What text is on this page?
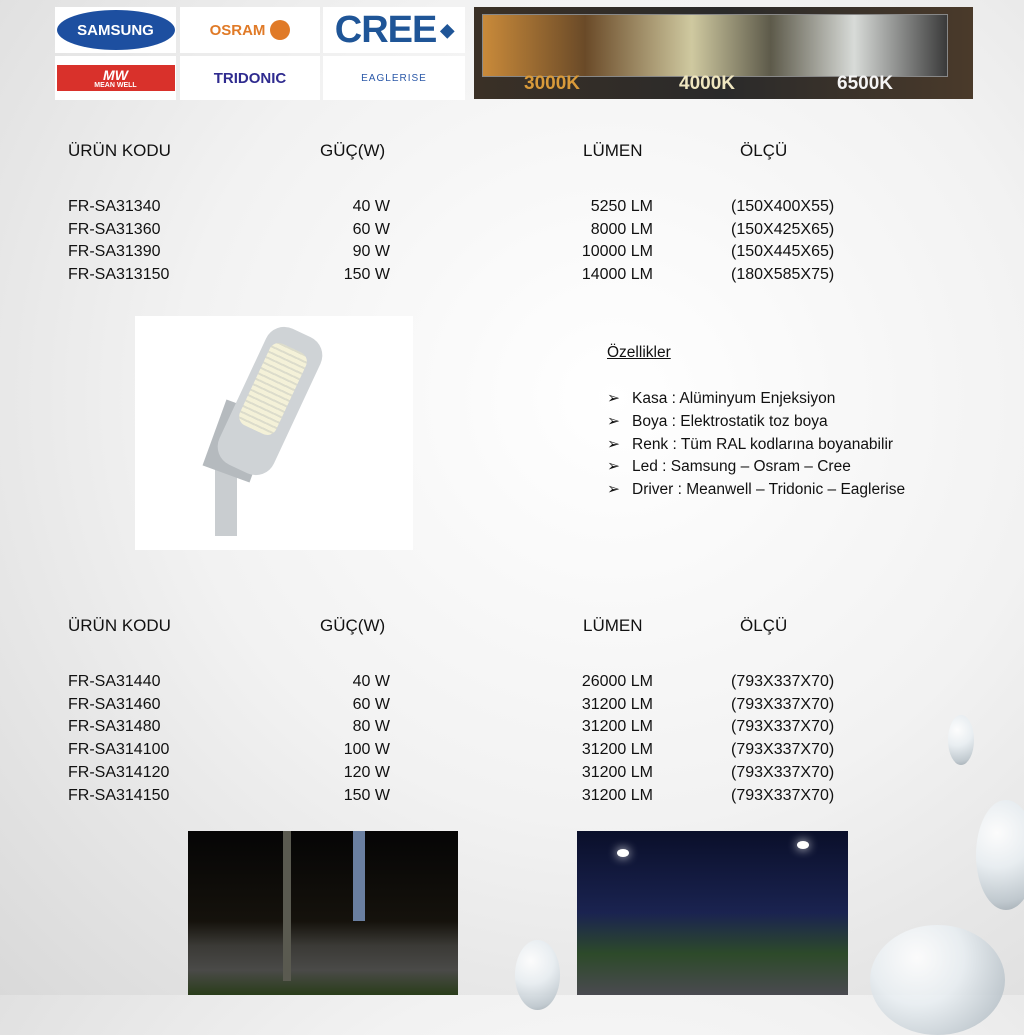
SAMSUNG	OSRAM CREE ◆
MW
MEAN WELL	TRIDONIC	EAGLERISE	3000K	4000K	6500K
ÜRÜN KODU	GÜÇ(W)	LÜMEN	ÖLÇÜ
FR-SA31340	40 W	5250 LM	(150X400X55)
FR-SA31360	60 W	8000 LM	(150X425X65)
FR-SA31390	90 W	10000 LM	(150X445X65)
FR-SA313150	150 W	14000 LM	(180X585X75)
Özellikler
➢ Kasa : Alüminyum Enjeksiyon
➢ Boya : Elektrostatik toz boya
➢ Renk : Tüm RAL kodlarına boyanabilir
➢ Led : Samsung – Osram – Cree
➢ Driver : Meanwell – Tridonic – Eaglerise
ÜRÜN KODU	GÜÇ(W)	LÜMEN	ÖLÇÜ
FR-SA31440	40 W	26000 LM	(793X337X70)
FR-SA31460	60 W	31200 LM	(793X337X70)
FR-SA31480	80 W	31200 LM	(793X337X70)
FR-SA314100	100 W	31200 LM	(793X337X70)
FR-SA314120	120 W	31200 LM	(793X337X70)
FR-SA314150	150 W	31200 LM	(793X337X70)
